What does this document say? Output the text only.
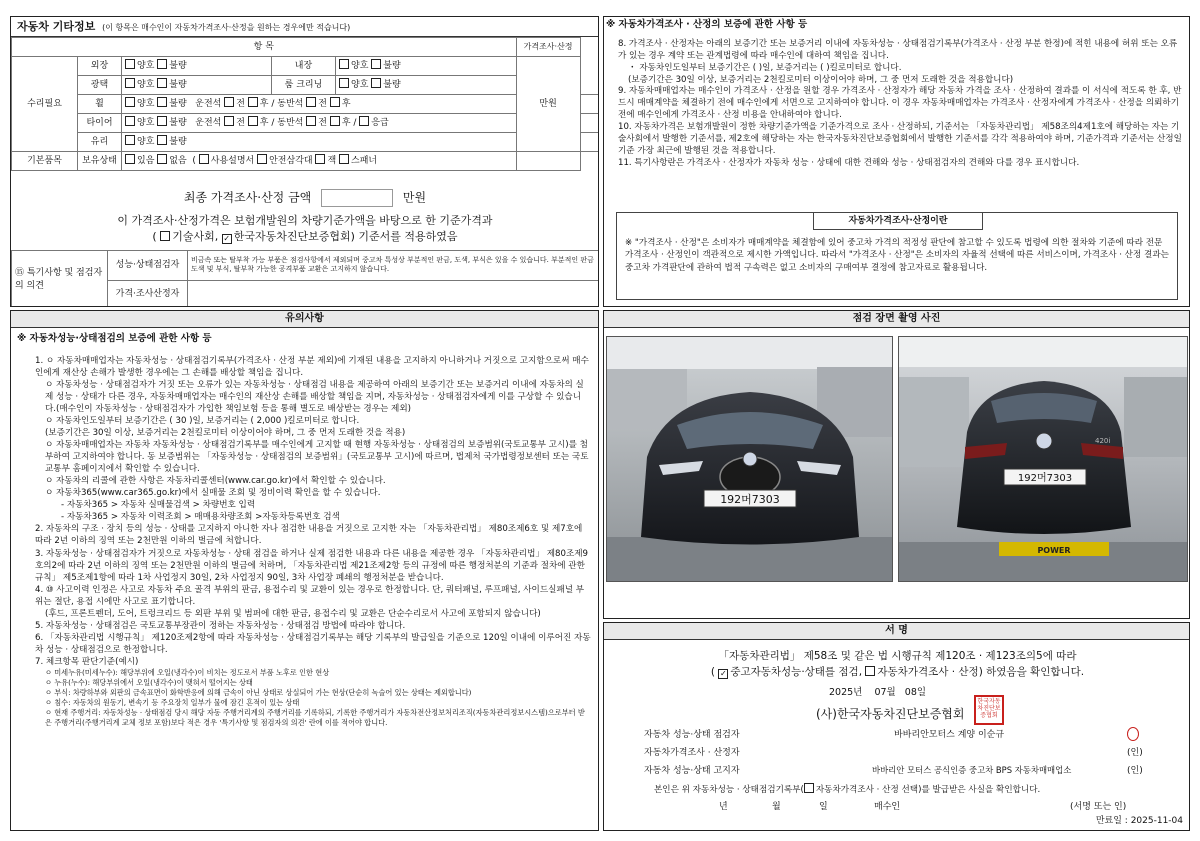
자동차 기타정보 (이 항목은 매수인이 자동차가격조사·산정을 원하는 경우에만 적습니다)
항 목					가격조사·산정	
수리필요	외장	양호 불량	내장	양호 불량	만원	
	광택	양호 불량	룸 크리닝	양호 불량		
	휠	양호 불량 운전석 전 후 / 동반석 전 후				
	타이어	양호 불량 운전석 전 후 / 동반석 전 후 / 응급				
	유리	양호 불량				
기본품목	보유상태	있음 없음  ( 사용설명서 안전삼각대 잭 스패너				
최종 가격조사·산정 금액	만원
이 가격조사·산정가격은 보험개발원의 차량기준가액을 바탕으로 한 기준가격과
( 기술사회, ✓ 한국자동차진단보증협회) 기준서를 적용하였음
⑮ 특기사항 및 점검자의 의견	성능·상태점검자	비금속 또는 탈부착 가능 부품은 점검사항에서 제외되며 중고차 특성상 부분적인 판금, 도색, 부식은 있을 수 있습니다. 부분적인 판금 도색 및 부식, 탈부착 가능한 공격부품 교환은 고지하지 않습니다.
	가격·조사산정자	
※ 자동차가격조사 · 산정의 보증에 관한 사항 등
8. 가격조사 · 산정자는 아래의 보증기간 또는 보증거리 이내에 자동차성능 · 상태점검기록부(가격조사 · 산정 부분 한정)에 적힌 내용에 허위 또는 오류가 있는 경우 계약 또는 관계법령에 따라 매수인에 대하여 책임을 집니다.
・ 자동차인도일부터 보증기간은 ( )일, 보증거리는 ( )킬로미터로 합니다.
(보증기간은 30일 이상, 보증거리는 2천킬로미터 이상이어야 하며, 그 중 먼저 도래한 것을 적용합니다)
9. 자동차매매업자는 매수인이 가격조사 · 산정을 원할 경우 가격조사 · 산정자가 해당 자동차 가격을 조사 · 산정하여 결과를 이 서식에 적도록 한 후, 반드시 매매계약을 체결하기 전에 매수인에게 서면으로 고지하여야 합니다. 이 경우 자동차매매업자는 가격조사 · 산정자에게 가격조사 · 산정을 의뢰하기 전에 매수인에게 가격조사 · 산정 비용을 안내하여야 합니다.
10. 자동차가격은 보험개발원이 정한 차량기준가액을 기준가격으로 조사 · 산정하되, 기준서는 「자동차관리법」 제58조의4제1호에 해당하는 자는 기술사회에서 발행한 기준서를, 제2호에 해당하는 자는 한국자동차진단보증협회에서 발행한 기준서를 각각 적용하여야 하며, 기준가격과 기준서는 산정일 기준 가장 최근에 발행된 것을 적용합니다.
11. 특기사항란은 가격조사 · 산정자가 자동차 성능 · 상태에 대한 견해와 성능 · 상태점검자의 견해와 다를 경우 표시합니다.
자동차가격조사·산정이란
※ "가격조사 · 산정"은 소비자가 매매계약을 체결함에 있어 중고차 가격의 적정성 판단에 참고할 수 있도록 법령에 의한 절차와 기준에 따라 전문 가격조사 · 산정인이 객관적으로 제시한 가액입니다. 따라서 "가격조사 · 산정"은 소비자의 자율적 선택에 따른 서비스이며, 가격조사 · 산정 결과는 중고차 가격판단에 관하여 법적 구속력은 없고 소비자의 구매여부 결정에 참고자료로 활용됩니다.
유의사항
※ 자동차성능·상태점검의 보증에 관한 사항 등
1. ㅇ 자동차매매업자는 자동차성능 · 상태점검기록부(가격조사 · 산정 부분 제외)에 기재된 내용을 고지하지 아니하거나 거짓으로 고지함으로써 매수인에게 재산상 손해가 발생한 경우에는 그 손해를 배상할 책임을 집니다.
ㅇ 자동차성능 · 상태점검자가 거짓 또는 오류가 있는 자동차성능 · 상태점검 내용을 제공하여 아래의 보증기간 또는 보증거리 이내에 자동차의 실제 성능 · 상태가 다른 경우, 자동차매매업자는 매수인의 재산상 손해를 배상할 책임을 지며, 자동차성능 · 상태점검자에게 이를 구상할 수 있습니다.(매수인이 자동차성능 · 상태점검자가 가입한 책임보험 등을 통해 별도로 배상받는 경우는 제외)
ㅇ 자동차인도일부터 보증기간은 ( 30 )일, 보증거리는 ( 2,000 )킬로미터로 합니다.
(보증기간은 30일 이상, 보증거리는 2천킬로미터 이상이어야 하며, 그 중 먼저 도래한 것을 적용)
ㅇ 자동차매매업자는 자동차 자동차성능 · 상태점검기록부를 매수인에게 고지할 때 현행 자동차성능 · 상태점검의 보증범위(국토교통부 고시)를 첨부하여 고지하여야 합니다. 동 보증범위는 「자동차성능 · 상태점검의 보증범위」(국토교통부 고시)에 따르며, 법제처 국가법령정보센터 또는 국토교통부 홈페이지에서 확인할 수 있습니다.
ㅇ 자동차의 리콜에 관한 사항은 자동차리콜센터(www.car.go.kr)에서 확인할 수 있습니다.
ㅇ 자동차365(www.car365.go.kr)에서 실매물 조회 및 정비이력 확인을 할 수 있습니다.
- 자동차365 > 자동차 실매물검색 > 차량번호 입력
- 자동차365 > 자동차 이력조회 > 매매용차량조회 >자동차등록번호 검색
2. 자동차의 구조 · 장치 등의 성능 · 상태를 고지하지 아니한 자나 점검한 내용을 거짓으로 고지한 자는 「자동차관리법」 제80조제6호 및 제7호에 따라 2년 이하의 징역 또는 2천만원 이하의 벌금에 처합니다.
3. 자동차성능 · 상태점검자가 거짓으로 자동차성능 · 상태 점검을 하거나 실제 점검한 내용과 다른 내용을 제공한 경우 「자동차관리법」 제80조제9호의2에 따라 2년 이하의 징역 또는 2천만원 이하의 벌금에 처하며, 「자동차관리법 제21조제2항 등의 규정에 따른 행정처분의 기준과 절차에 관한 규칙」 제5조제1항에 따라 1차 사업정지 30일, 2차 사업정지 90일, 3차 사업장 폐쇄의 행정처분을 받습니다.
4. ⑩ 사고이력 인정은 사고로 자동차 주요 골격 부위의 판금, 용접수리 및 교환이 있는 경우로 한정합니다. 단, 쿼터패널, 루프패널, 사이드실패널 부위는 절단, 용접 시에만 사고로 표기합니다.
(후드, 프론트펜더, 도어, 트렁크리드 등 외판 부위 및 범퍼에 대한 판금, 용접수리 및 교환은 단순수리로서 사고에 포함되지 않습니다)
5. 자동차성능 · 상태점검은 국토교통부장관이 정하는 자동차성능 · 상태점검 방법에 따라야 합니다.
6. 「자동차관리법 시행규칙」 제120조제2항에 따라 자동차성능 · 상태점검기록부는 해당 기록부의 발급일을 기준으로 120일 이내에 이루어진 자동차 성능 · 상태점검으로 한정합니다.
7. 체크항목 판단기준(예시)
ㅇ 미세누유(미세누수): 해당부위에 오일(냉각수)이 비치는 정도로서 부품 노후로 인한 현상
ㅇ 누유(누수): 해당부위에서 오일(냉각수)이 맺혀서 떨어지는 상태
ㅇ 부식: 차량하부와 외판의 금속표면이 화학반응에 의해 금속이 아닌 상태로 상실되어 가는 현상(단순히 녹슬어 있는 상태는 제외합니다)
ㅇ 침수: 자동차의 원동기, 변속기 등 주요장치 일부가 물에 잠긴 흔적이 있는 상태
ㅇ 현재 주행거리: 자동차성능 · 상태점검 당시 해당 자동 주행거리계의 주행거리를 기록하되, 기록한 주행거리가 자동차전산정보처리조직(자동차관리정보시스템)으로부터 받은 주행거리(주행거리계 교체 정보 포함)보다 적은 경우 '특기사항 및 점검자의 의견' 란에 이를 적어야 합니다.
점검 장면 촬영 사진
192머7303
POWER
420i
192머7303
서 명
「자동차관리법」 제58조 및 같은 법 시행규칙 제120조 · 제123조의5에 따라
( ✓ 중고자동차성능·상태를 점검, 자동차가격조사 · 산정) 하였음을 확인합니다.
2025년 07월 08일
(사)한국자동차진단보증협회
한국자동차진단보증협회
자동차 성능·상태 점검자	바바리안모터스 계양 이순규
자동차가격조사 · 산정자	(인)
자동차 성능·상태 고지자	바바리안 모터스 공식인증 중고차 BPS 자동차매매업소	(인)
본인은 위 자동차성능 · 상태점검기록부( 자동차가격조사 · 산정 선택)를 발급받은 사실을 확인합니다.
년	월	일	매수인	(서명 또는 인)
만료일 : 2025-11-04
